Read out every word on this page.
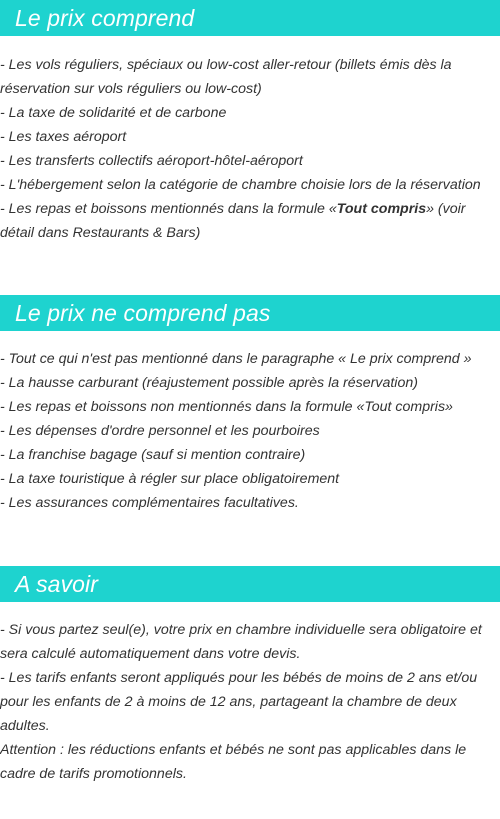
Le prix comprend
- Les vols réguliers, spéciaux ou low-cost aller-retour (billets émis dès la réservation sur vols réguliers ou low-cost)
- La taxe de solidarité et de carbone
- Les taxes aéroport
- Les transferts collectifs aéroport-hôtel-aéroport
- L'hébergement selon la catégorie de chambre choisie lors de la réservation
- Les repas et boissons mentionnés dans la formule «Tout compris» (voir détail dans Restaurants & Bars)
Le prix ne comprend pas
- Tout ce qui n'est pas mentionné dans le paragraphe « Le prix comprend »
- La hausse carburant (réajustement possible après la réservation)
- Les repas et boissons non mentionnés dans la formule «Tout compris»
- Les dépenses d'ordre personnel et les pourboires
- La franchise bagage (sauf si mention contraire)
- La taxe touristique à régler sur place obligatoirement
- Les assurances complémentaires facultatives.
A savoir
- Si vous partez seul(e), votre prix en chambre individuelle sera obligatoire et sera calculé automatiquement dans votre devis.
- Les tarifs enfants seront appliqués pour les bébés de moins de 2 ans et/ou pour les enfants de 2 à moins de 12 ans, partageant la chambre de deux adultes.
Attention : les réductions enfants et bébés ne sont pas applicables dans le cadre de tarifs promotionnels.
